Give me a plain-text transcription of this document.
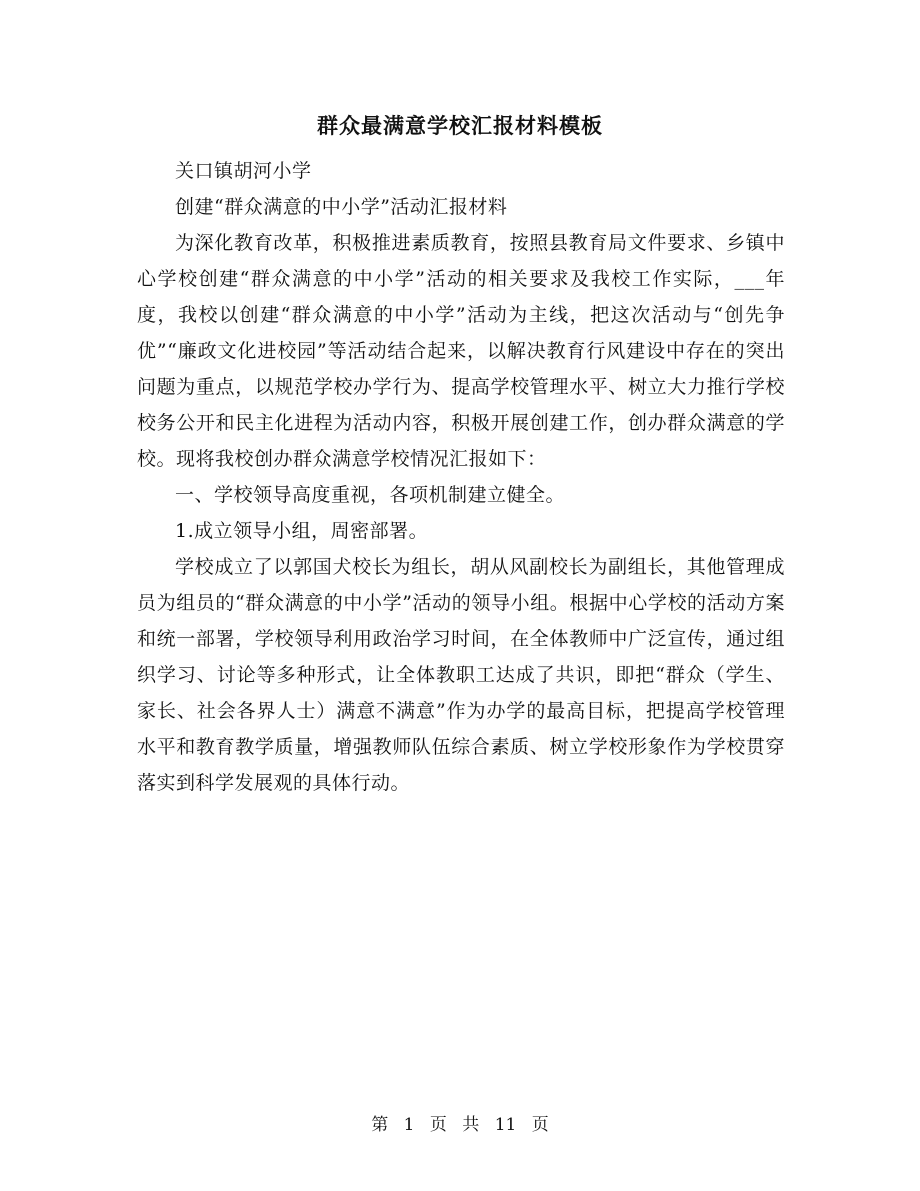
群众最满意学校汇报材料模板

关口镇胡河小学

创建“群众满意的中小学”活动汇报材料

为深化教育改革，积极推进素质教育，按照县教育局文件要求、乡镇中心学校创建“群众满意的中小学”活动的相关要求及我校工作实际，___年度，我校以创建“群众满意的中小学”活动为主线，把这次活动与“创先争优”“廉政文化进校园”等活动结合起来，以解决教育行风建设中存在的突出问题为重点，以规范学校办学行为、提高学校管理水平、树立大力推行学校校务公开和民主化进程为活动内容，积极开展创建工作，创办群众满意的学校。现将我校创办群众满意学校情况汇报如下：

一、学校领导高度重视，各项机制建立健全。

1.成立领导小组，周密部署。

学校成立了以郭国犬校长为组长，胡从风副校长为副组长，其他管理成员为组员的“群众满意的中小学”活动的领导小组。根据中心学校的活动方案和统一部署，学校领导利用政治学习时间，在全体教师中广泛宣传，通过组织学习、讨论等多种形式，让全体教职工达成了共识，即把“群众（学生、家长、社会各界人士）满意不满意”作为办学的最高目标，把提高学校管理水平和教育教学质量，增强教师队伍综合素质、树立学校形象作为学校贯穿落实到科学发展观的具体行动。

第 1 页 共 11 页
